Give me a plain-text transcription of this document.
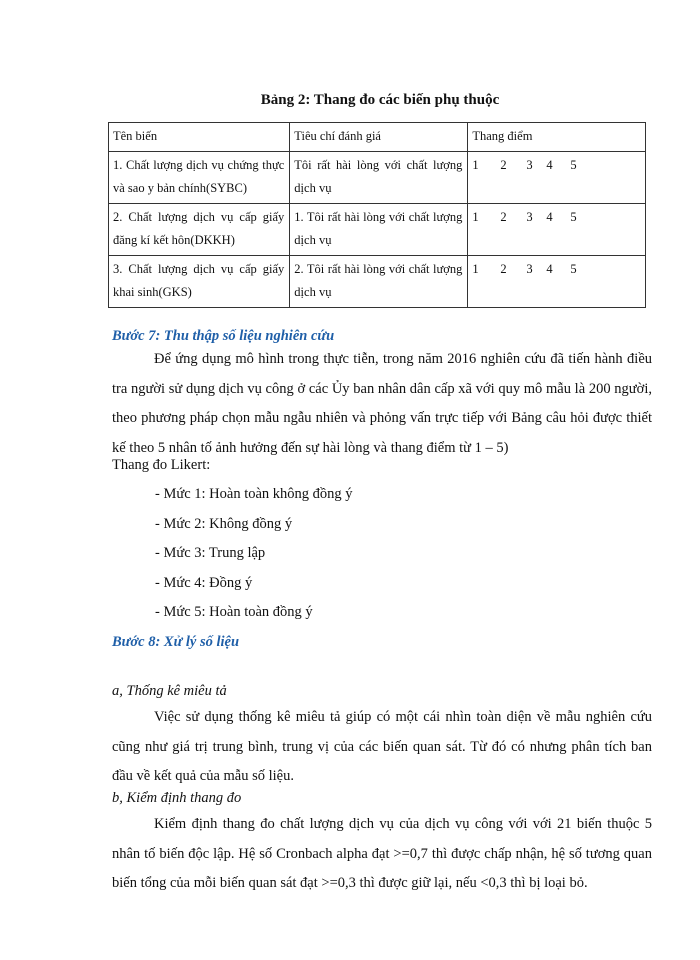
Bảng 2: Thang đo các biến phụ thuộc
Tên biến	Tiêu chí đánh giá	Thang điểm
1. Chất lượng dịch vụ chứng thực và sao y bản chính(SYBC)	Tôi rất hài lòng với chất lượng dịch vụ	1 2 3 4 5

2. Chất lượng dịch vụ cấp giấy đăng kí kết hôn(DKKH)	1. Tôi rất hài lòng với chất lượng dịch vụ	1 2 3 4 5

3. Chất lượng dịch vụ cấp giấy khai sinh(GKS)	2. Tôi rất hài lòng với chất lượng dịch vụ	1 2 3 4 5
Bước 7: Thu thập số liệu nghiên cứu
Để ứng dụng mô hình trong thực tiễn, trong năm 2016 nghiên cứu đã tiến hành điều tra người sử dụng dịch vụ công ở các Ủy ban nhân dân cấp xã với quy mô mẫu là 200 người, theo phương pháp chọn mẫu ngẫu nhiên và phỏng vấn trực tiếp với Bảng câu hỏi được thiết kế theo 5 nhân tố ảnh hưởng đến sự hài lòng và thang điểm từ 1 – 5)
Thang đo Likert:
- Mức 1: Hoàn toàn không đồng ý
- Mức 2: Không đồng ý
- Mức 3: Trung lập
- Mức 4: Đồng ý
- Mức 5: Hoàn toàn đồng ý
Bước 8: Xử lý số liệu
a, Thống kê miêu tả
Việc sử dụng thống kê miêu tả giúp có một cái nhìn toàn diện về mẫu nghiên cứu cũng như giá trị trung bình, trung vị của các biến quan sát. Từ đó có nhưng phân tích ban đầu về kết quả của mẫu số liệu.
b, Kiểm định thang đo
Kiểm định thang đo chất lượng dịch vụ của dịch vụ công với với 21 biến thuộc 5 nhân tố biến độc lập. Hệ số Cronbach alpha đạt >=0,7 thì được chấp nhận, hệ số tương quan biến tổng của mỗi biến quan sát đạt >=0,3 thì được giữ lại, nếu <0,3 thì bị loại bỏ.
